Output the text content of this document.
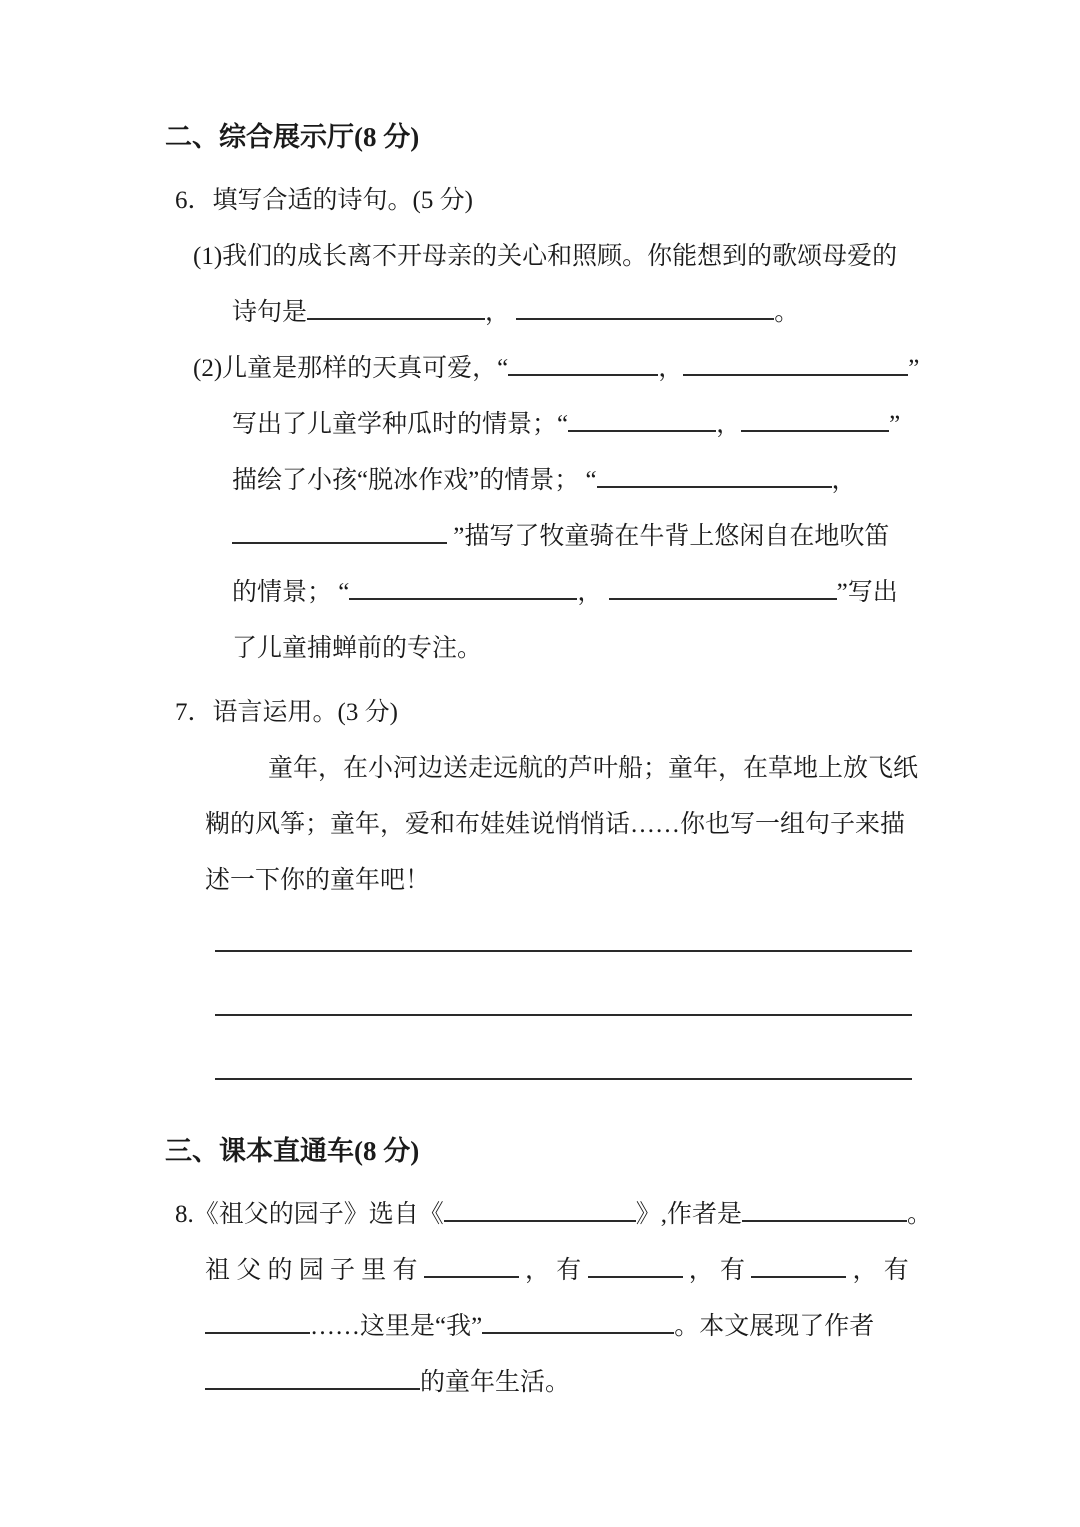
二、综合展示厅(8 分)
6．填写合适的诗句。(5 分)
(1)我们的成长离不开母亲的关心和照顾。你能想到的歌颂母爱的
诗句是	，	。
(2)儿童是那样的天真可爱，“	，	”
写出了儿童学种瓜时的情景；“	，	”
描绘了小孩“脱冰作戏”的情景； “	，
”描写了牧童骑在牛背上悠闲自在地吹笛
的情景； “	，	”写出
了儿童捕蝉前的专注。
7．语言运用。(3 分)
童年，在小河边送走远航的芦叶船；童年，在草地上放飞纸
糊的风筝；童年，爱和布娃娃说悄悄话……你也写一组句子来描
述一下你的童年吧！
三、课本直通车(8 分)
8.《祖父的园子》选自《	》,作者是	。
祖 父 的 园 子 里 有	， 有	， 有	， 有
……这里是“我”	。本文展现了作者
的童年生活。
